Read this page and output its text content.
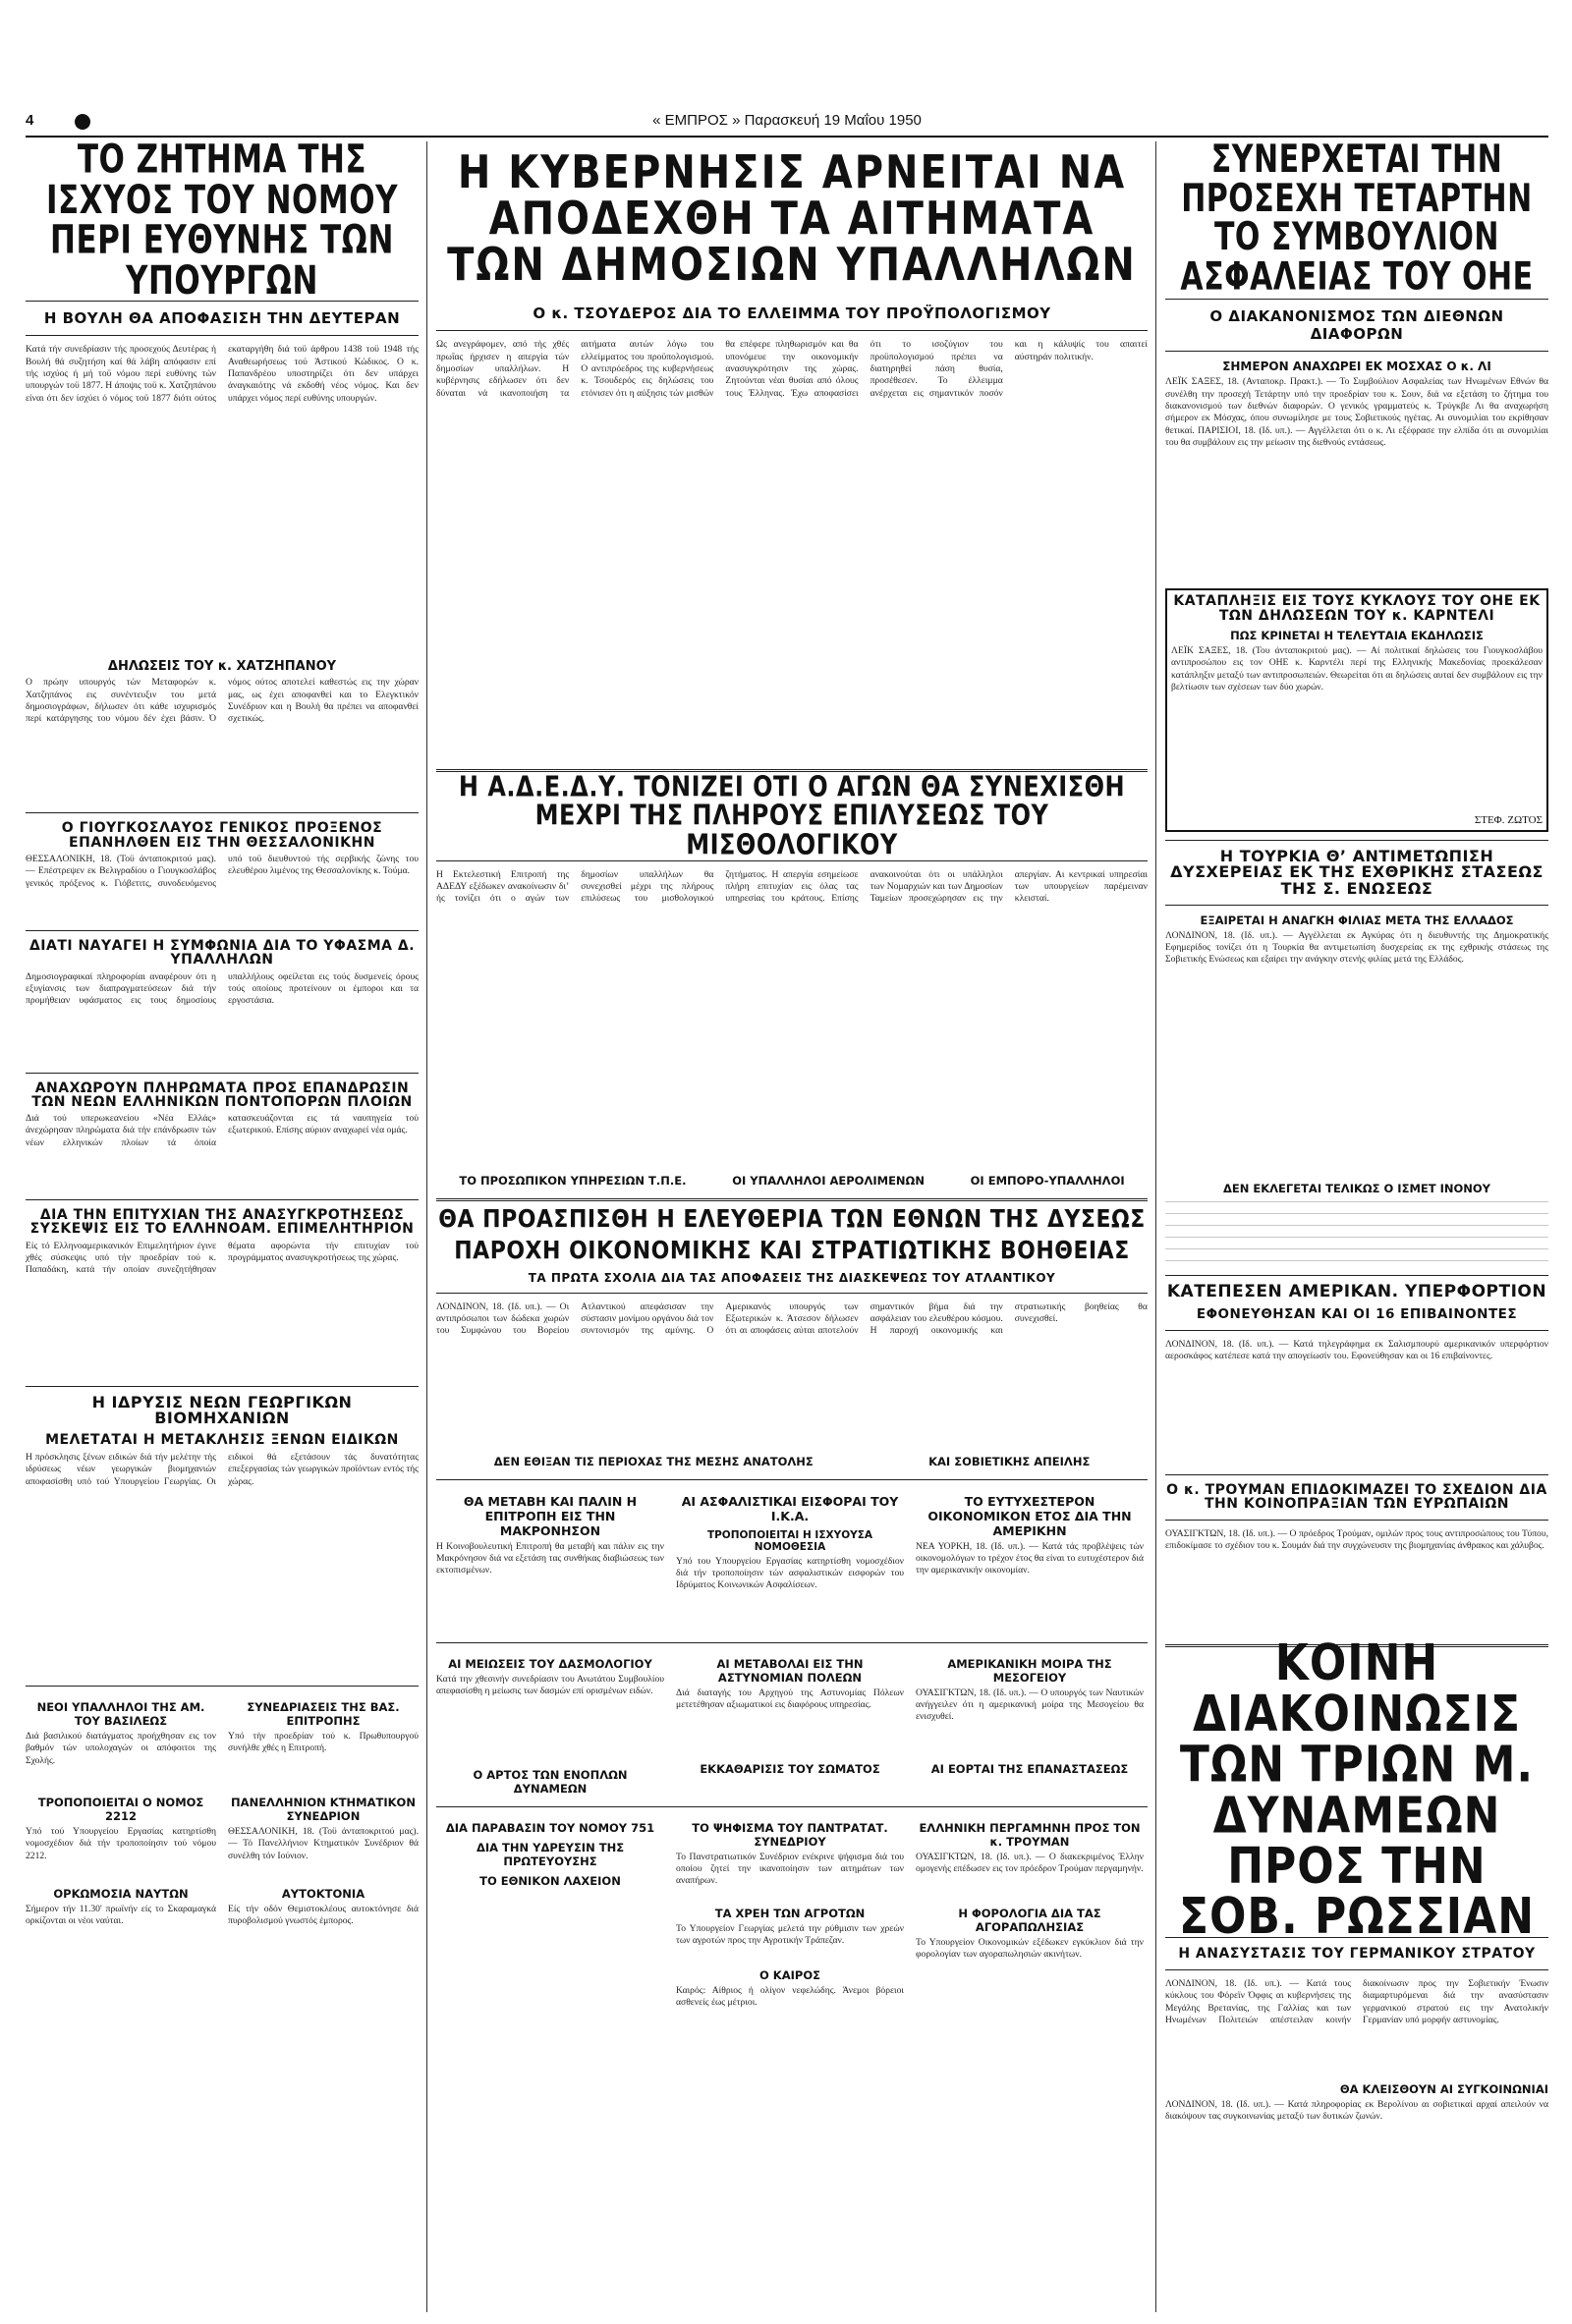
4	« ΕΜΠΡΟΣ » Παρασκευή 19 Μαΐου 1950
ΤΟ ΖΗΤΗΜΑ ΤΗΣ ΙΣΧΥΟΣ ΤΟΥ ΝΟΜΟΥ ΠΕΡΙ ΕΥΘΥΝΗΣ ΤΩΝ ΥΠΟΥΡΓΩΝ
Η ΒΟΥΛΗ ΘΑ ΑΠΟΦΑΣΙΣΗ ΤΗΝ ΔΕΥΤΕΡΑΝ

Κατά τήν συνεδρίασιν τής προσεχούς Δευτέρας ή Βουλή θά συζητήση καί θά λάβη απόφασιν επί τής ισχύος ή μή τοϋ νόμου περί ευθύνης τών υπουργών τοϋ 1877. Η άποψις τοϋ κ. Χατζηπάνου είναι ότι δεν ίσχύει ό νόμος τοϋ 1877 διότι ούτος εκαταργήθη διά τοϋ άρθρου 1438 τοϋ 1948 τής Αναθεωρήσεως τού Άστικού Κώδικος. Ο κ. Παπανδρέου υποστηρίζει ότι δεν υπάρχει άναγκαιότης νά εκδοθή νέος νόμος. Και δεν υπάρχει νόμος περί ευθύνης υπουργών.

ΔΗΛΩΣΕΙΣ ΤΟΥ κ. ΧΑΤΖΗΠΑΝΟΥ

Ο πρώην υπουργός τών Μεταφορών κ. Χατζηπάνος εις συνέντευξιν του μετά δημοσιογράφων, δήλωσεν ότι κάθε ισχυρισμός περί κατάργησης του νόμου δέν έχει βάσιν. Ό νόμος ούτος αποτελεί καθεστώς εις την χώραν μας, ως έχει αποφανθεί και το Ελεγκτικόν Συνέδριον και η Βουλή θα πρέπει να αποφανθεί σχετικώς.

Ο ΓΙΟΥΓΚΟΣΛΑΥΟΣ ΓΕΝΙΚΟΣ ΠΡΟΞΕΝΟΣ ΕΠΑΝΗΛΘΕΝ ΕΙΣ ΤΗΝ ΘΕΣΣΑΛΟΝΙΚΗΝ

ΘΕΣΣΑΛΟΝΙΚΗ, 18. (Τοϋ άνταποκριτού μας). — Επέστρεψεν εκ Βελιγραδίου ο Γιουγκοσλάβος γενικός πρόξενος κ. Γιόβετιτς, συνοδευόμενος υπό τοϋ διευθυντού τής σερβικής ζώνης του ελευθέρου λιμένος της Θεσσαλονίκης κ. Τούμα.

ΔΙΑΤΙ ΝΑΥΑΓΕΙ Η ΣΥΜΦΩΝΙΑ ΔΙΑ ΤΟ ΥΦΑΣΜΑ Δ. ΥΠΑΛΛΗΛΩΝ

Δημοσιογραφικαί πληροφορίαι αναφέρουν ότι η εξυγίανσις των διαπραγματεύσεων διά τήν προμήθειαν υφάσματος εις τους δημοσίους υπαλλήλους οφείλεται εις τούς δυσμενείς όρους τούς οποίους προτείνουν οι έμποροι και τα εργοστάσια.

ΑΝΑΧΩΡΟΥΝ ΠΛΗΡΩΜΑΤΑ ΠΡΟΣ ΕΠΑΝΔΡΩΣΙΝ ΤΩΝ ΝΕΩΝ ΕΛΛΗΝΙΚΩΝ ΠΟΝΤΟΠΟΡΩΝ ΠΛΟΙΩΝ

Διά τού υπερωκεανείου «Νέα Ελλάς» άνεχώρησαν πληρώματα διά τήν επάνδρωσιν τών νέων ελληνικών πλοίων τά όποία κατασκευάζονται εις τά ναυπηγεία τού εξωτερικού. Επίσης αύριον αναχωρεί νέα ομάς.

ΔΙΑ ΤΗΝ ΕΠΙΤΥΧΙΑΝ ΤΗΣ ΑΝΑΣΥΓΚΡΟΤΗΣΕΩΣ ΣΥΣΚΕΨΙΣ ΕΙΣ ΤΟ ΕΛΛΗΝΟΑΜ. ΕΠΙΜΕΛΗΤΗΡΙΟΝ

Είς τό Ελληνοαμερικανικόν Επιμελητήριον έγινε χθές σύσκεψις υπό τήν προεδρίαν τού κ. Παπαδάκη, κατά τήν οποίαν συνεζητήθησαν θέματα αφορώντα τήν επιτυχίαν τού προγράμματος ανασυγκροτήσεως της χώρας.

Η ΙΔΡΥΣΙΣ ΝΕΩΝ ΓΕΩΡΓΙΚΩΝ ΒΙΟΜΗΧΑΝΙΩΝ
ΜΕΛΕΤΑΤΑΙ Η ΜΕΤΑΚΛΗΣΙΣ ΞΕΝΩΝ ΕΙΔΙΚΩΝ

Η πρόσκλησις ξένων ειδικών διά τήν μελέτην τής ιδρύσεως νέων γεωργικών βιομηχανιών αποφασίσθη υπό τού Υπουργείου Γεωργίας. Οι ειδικοί θά εξετάσουν τάς δυνατότητας επεξεργασίας τών γεωργικών προϊόντων εντός τής χώρας.

ΝΕΟΙ ΥΠΑΛΛΗΛΟΙ ΤΗΣ ΑΜ. ΤΟΥ ΒΑΣΙΛΕΩΣ

Διά βασιλικού διατάγματος προήχθησαν εις τον βαθμόν τών υπολοχαγών οι απόφοιτοι της Σχολής.

ΤΡΟΠΟΠΟΙΕΙΤΑΙ Ο ΝΟΜΟΣ 2212

Υπό τού Υπουργείου Εργασίας κατηρτίσθη νομοσχέδιον διά τήν τροποποίησιν τού νόμου 2212.

ΣΥΝΕΔΡΙΑΣΕΙΣ ΤΗΣ ΒΑΣ. ΕΠΙΤΡΟΠΗΣ

Υπό τήν προεδρίαν τού κ. Πρωθυπουργού συνήλθε χθές η Επιτροπή.

ΠΑΝΕΛΛΗΝΙΟΝ ΚΤΗΜΑΤΙΚΟΝ ΣΥΝΕΔΡΙΟΝ

ΘΕΣΣΑΛΟΝΙΚΗ, 18. (Τοϋ άνταποκριτού μας). — Τό Πανελλήνιον Κτηματικόν Συνέδριον θά συνέλθη τόν Ιούνιον.

ΟΡΚΩΜΟΣΙΑ ΝΑΥΤΩΝ

Σήμερον τήν 11.30' πρωϊνήν είς το Σκαραμαγκά ορκίζονται οι νέοι ναύται.

ΑΥΤΟΚΤΟΝΙΑ

Είς τήν οδόν Θεμιστοκλέους αυτοκτόνησε διά πυροβολισμού γνωστός έμπορος.

Η ΚΥΒΕΡΝΗΣΙΣ ΑΡΝΕΙΤΑΙ ΝΑ ΑΠΟΔΕΧΘΗ ΤΑ ΑΙΤΗΜΑΤΑ ΤΩΝ ΔΗΜΟΣΙΩΝ ΥΠΑΛΛΗΛΩΝ
Ο κ. ΤΣΟΥΔΕΡΟΣ ΔΙΑ ΤΟ ΕΛΛΕΙΜΜΑ ΤΟΥ ΠΡΟΫΠΟΛΟΓΙΣΜΟΥ

Ως ανεγράφομεν, από τής χθές πρωΐας ήρχισεν η απεργία τών δημοσίων υπαλλήλων. Η κυβέρνησις εδήλωσεν ότι δεν δύναται νά ικανοποιήση τα αιτήματα αυτών λόγω του ελλείμματος του προϋπολογισμού. Ο αντιπρόεδρος της κυβερνήσεως κ. Τσουδερός εις δηλώσεις του ετόνισεν ότι η αύξησις τών μισθών θα επέφερε πληθωρισμόν και θα υπονόμευε την οικονομικήν ανασυγκρότησιν της χώρας. Ζητούνται νέαι θυσίαι από όλους τους Έλληνας. Έχω αποφασίσει ότι το ισοζύγιον του προϋπολογισμού πρέπει να διατηρηθεί πάση θυσία, προσέθεσεν. Το έλλειμμα ανέρχεται εις σημαντικόν ποσόν και η κάλυψίς του απαιτεί αύστηράν πολιτικήν.

Η Α.Δ.Ε.Δ.Υ. ΤΟΝΙΖΕΙ ΟΤΙ Ο ΑΓΩΝ ΘΑ ΣΥΝΕΧΙΣΘΗ ΜΕΧΡΙ ΤΗΣ ΠΛΗΡΟΥΣ ΕΠΙΛΥΣΕΩΣ ΤΟΥ ΜΙΣΘΟΛΟΓΙΚΟΥ

Η Εκτελεστική Επιτροπή της ΑΔΕΔΥ εξέδωκεν ανακοίνωσιν δι’ ής τονίζει ότι ο αγών των δημοσίων υπαλλήλων θα συνεχισθεί μέχρι της πλήρους επιλύσεως του μισθολογικού ζητήματος. Η απεργία εσημείωσε πλήρη επιτυχίαν εις όλας τας υπηρεσίας του κράτους. Επίσης ανακοινούται ότι οι υπάλληλοι των Νομαρχιών και των Δημοσίων Ταμείων προσεχώρησαν εις την απεργίαν. Αι κεντρικαί υπηρεσίαι των υπουργείων παρέμειναν κλεισταί.

ΤΟ ΠΡΟΣΩΠΙΚΟΝ ΥΠΗΡΕΣΙΩΝ Τ.Π.Ε.	ΟΙ ΥΠΑΛΛΗΛΟΙ ΑΕΡΟΛΙΜΕΝΩΝ	ΟΙ ΕΜΠΟΡΟ-ΥΠΑΛΛΗΛΟΙ
ΘΑ ΠΡΟΑΣΠΙΣΘΗ Η ΕΛΕΥΘΕΡΙΑ ΤΩΝ ΕΘΝΩΝ ΤΗΣ ΔΥΣΕΩΣ
ΠΑΡΟΧΗ ΟΙΚΟΝΟΜΙΚΗΣ ΚΑΙ ΣΤΡΑΤΙΩΤΙΚΗΣ ΒΟΗΘΕΙΑΣ
ΤΑ ΠΡΩΤΑ ΣΧΟΛΙΑ ΔΙΑ ΤΑΣ ΑΠΟΦΑΣΕΙΣ ΤΗΣ ΔΙΑΣΚΕΨΕΩΣ ΤΟΥ ΑΤΛΑΝΤΙΚΟΥ

ΛΟΝΔΙΝΟΝ, 18. (Ιδ. υπ.). — Οι αντιπρόσωποι των δώδεκα χωρών του Συμφώνου του Βορείου Ατλαντικού απεφάσισαν την σύστασιν μονίμου οργάνου διά τον συντονισμόν της αμύνης. Ο Αμερικανός υπουργός των Εξωτερικών κ. Άτσεσον δήλωσεν ότι αι αποφάσεις αύται αποτελούν σημαντικόν βήμα διά την ασφάλειαν του ελευθέρου κόσμου. Η παροχή οικονομικής και στρατιωτικής βοηθείας θα συνεχισθεί.

ΔΕΝ ΕΘΙΞΑΝ ΤΙΣ ΠΕΡΙΟΧΑΣ ΤΗΣ ΜΕΣΗΣ ΑΝΑΤΟΛΗΣ	ΚΑΙ ΣΟΒΙΕΤΙΚΗΣ ΑΠΕΙΛΗΣ
ΘΑ ΜΕΤΑΒΗ ΚΑΙ ΠΑΛΙΝ Η ΕΠΙΤΡΟΠΗ ΕΙΣ ΤΗΝ ΜΑΚΡΟΝΗΣΟΝ

Η Κοινοβουλευτική Επιτροπή θα μεταβή και πάλιν εις την Μακρόνησον διά να εξετάση τας συνθήκας διαβιώσεως των εκτοπισμένων.

ΑΙ ΑΣΦΑΛΙΣΤΙΚΑΙ ΕΙΣΦΟΡΑΙ ΤΟΥ Ι.Κ.Α.
ΤΡΟΠΟΠΟΙΕΙΤΑΙ Η ΙΣΧΥΟΥΣΑ ΝΟΜΟΘΕΣΙΑ

Υπό του Υπουργείου Εργασίας κατηρτίσθη νομοσχέδιον διά τήν τροποποίησιν τών ασφαλιστικών εισφορών του Ιδρύματος Κοινωνικών Ασφαλίσεων.

ΤΟ ΕΥΤΥΧΕΣΤΕΡΟΝ ΟΙΚΟΝΟΜΙΚΟΝ ΕΤΟΣ ΔΙΑ ΤΗΝ ΑΜΕΡΙΚΗΝ

ΝΕΑ ΥΟΡΚΗ, 18. (Ιδ. υπ.). — Κατά τάς προβλέψεις τών οικονομολόγων το τρέχον έτος θα είναι το ευτυχέστερον διά την αμερικανικήν οικονομίαν.

ΑΙ ΜΕΙΩΣΕΙΣ ΤΟΥ ΔΑΣΜΟΛΟΓΙΟΥ

Κατά την χθεσινήν συνεδρίασιν του Ανωτάτου Συμβουλίου απεφασίσθη η μείωσις των δασμών επί ορισμένων ειδών.

Ο ΑΡΤΟΣ ΤΩΝ ΕΝΟΠΛΩΝ ΔΥΝΑΜΕΩΝ
ΑΙ ΜΕΤΑΒΟΛΑΙ ΕΙΣ ΤΗΝ ΑΣΤΥΝΟΜΙΑΝ ΠΟΛΕΩΝ

Διά διαταγής του Αρχηγού της Αστυνομίας Πόλεων μετετέθησαν αξιωματικοί εις διαφόρους υπηρεσίας.

ΕΚΚΑΘΑΡΙΣΙΣ ΤΟΥ ΣΩΜΑΤΟΣ
ΑΜΕΡΙΚΑΝΙΚΗ ΜΟΙΡΑ ΤΗΣ ΜΕΣΟΓΕΙΟΥ

ΟΥΑΣΙΓΚΤΩΝ, 18. (Ιδ. υπ.). — Ο υπουργός των Ναυτικών ανήγγειλεν ότι η αμερικανική μοίρα της Μεσογείου θα ενισχυθεί.

ΑΙ ΕΟΡΤΑΙ ΤΗΣ ΕΠΑΝΑΣΤΑΣΕΩΣ
ΔΙΑ ΠΑΡΑΒΑΣΙΝ ΤΟΥ ΝΟΜΟΥ 751
ΔΙΑ ΤΗΝ ΥΔΡΕΥΣΙΝ ΤΗΣ ΠΡΩΤΕΥΟΥΣΗΣ
ΤΟ ΕΘΝΙΚΟΝ ΛΑΧΕΙΟΝ
ΤΟ ΨΗΦΙΣΜΑ ΤΟΥ ΠΑΝΤΡΑΤΑΤ. ΣΥΝΕΔΡΙΟΥ

Το Πανστρατιωτικόν Συνέδριον ενέκρινε ψήφισμα διά του οποίου ζητεί την ικανοποίησιν των αιτημάτων των αναπήρων.

ΤΑ ΧΡΕΗ ΤΩΝ ΑΓΡΟΤΩΝ

Το Υπουργείον Γεωργίας μελετά την ρύθμισιν των χρεών των αγροτών προς την Αγροτικήν Τράπεζαν.

Ο ΚΑΙΡΟΣ

Καιρός: Αίθριος ή ολίγον νεφελώδης. Άνεμοι βόρειοι ασθενείς έως μέτριοι.

ΕΛΛΗΝΙΚΗ ΠΕΡΓΑΜΗΝΗ ΠΡΟΣ ΤΟΝ κ. ΤΡΟΥΜΑΝ

ΟΥΑΣΙΓΚΤΩΝ, 18. (Ιδ. υπ.). — Ο διακεκριμένος Έλλην ομογενής επέδωσεν εις τον πρόεδρον Τρούμαν περγαμηνήν.

Η ΦΟΡΟΛΟΓΙΑ ΔΙΑ ΤΑΣ ΑΓΟΡΑΠΩΛΗΣΙΑΣ

Το Υπουργείον Οικονομικών εξέδωκεν εγκύκλιον διά την φορολογίαν των αγοραπωλησιών ακινήτων.

ΣΥΝΕΡΧΕΤΑΙ ΤΗΝ ΠΡΟΣΕΧΗ ΤΕΤΑΡΤΗΝ ΤΟ ΣΥΜΒΟΥΛΙΟΝ ΑΣΦΑΛΕΙΑΣ ΤΟΥ ΟΗΕ
Ο ΔΙΑΚΑΝΟΝΙΣΜΟΣ ΤΩΝ ΔΙΕΘΝΩΝ ΔΙΑΦΟΡΩΝ
ΣΗΜΕΡΟΝ ΑΝΑΧΩΡΕΙ ΕΚ ΜΟΣΧΑΣ Ο κ. ΛΙ

ΛΕΪΚ ΣΑΞΕΣ, 18. (Ανταποκρ. Πρακτ.). — Το Συμβούλιον Ασφαλείας των Ηνωμένων Εθνών θα συνέλθη την προσεχή Τετάρτην υπό την προεδρίαν του κ. Σουν, διά να εξετάση το ζήτημα του διακανονισμού των διεθνών διαφορών. Ο γενικός γραμματεύς κ. Τρύγκβε Λι θα αναχωρήση σήμερον εκ Μόσχας, όπου συνωμίλησε με τους Σοβιετικούς ηγέτας. Αι συνομιλίαι του εκρίθησαν θετικαί. ΠΑΡΙΣΙΟΙ, 18. (Ιδ. υπ.). — Αγγέλλεται ότι ο κ. Λι εξέφρασε την ελπίδα ότι αι συνομιλίαι του θα συμβάλουν εις την μείωσιν της διεθνούς εντάσεως.

ΚΑΤΑΠΛΗΞΙΣ ΕΙΣ ΤΟΥΣ ΚΥΚΛΟΥΣ ΤΟΥ ΟΗΕ ΕΚ ΤΩΝ ΔΗΛΩΣΕΩΝ ΤΟΥ κ. ΚΑΡΝΤΕΛΙ
ΠΩΣ ΚΡΙΝΕΤΑΙ Η ΤΕΛΕΥΤΑΙΑ ΕΚΔΗΛΩΣΙΣ

ΛΕΪΚ ΣΑΞΕΣ, 18. (Του άνταποκριτού μας). — Αί πολιτικαί δηλώσεις του Γιουγκοσλάβου αντιπροσώπου εις τον ΟΗΕ κ. Καρντέλι περί της Ελληνικής Μακεδονίας προεκάλεσαν κατάπληξιν μεταξύ των αντιπροσωπειών. Θεωρείται ότι αι δηλώσεις αυταί δεν συμβάλουν εις την βελτίωσιν των σχέσεων των δύο χωρών.

ΣΤΕΦ. ΖΩΤΟΣ
Η ΤΟΥΡΚΙΑ Θ’ ΑΝΤΙΜΕΤΩΠΙΣΗ ΔΥΣΧΕΡΕΙΑΣ ΕΚ ΤΗΣ ΕΧΘΡΙΚΗΣ ΣΤΑΣΕΩΣ ΤΗΣ Σ. ΕΝΩΣΕΩΣ
ΕΞΑΙΡΕΤΑΙ Η ΑΝΑΓΚΗ ΦΙΛΙΑΣ ΜΕΤΑ ΤΗΣ ΕΛΛΑΔΟΣ

ΛΟΝΔΙΝΟΝ, 18. (Ιδ. υπ.). — Αγγέλλεται εκ Αγκύρας ότι η διευθυντής της Δημοκρατικής Εφημερίδος τονίζει ότι η Τουρκία θα αντιμετωπίση δυσχερείας εκ της εχθρικής στάσεως της Σοβιετικής Ενώσεως και εξαίρει την ανάγκην στενής φιλίας μετά της Ελλάδος.

ΔΕΝ ΕΚΛΕΓΕΤΑΙ ΤΕΛΙΚΩΣ Ο ΙΣΜΕΤ ΙΝΟΝΟΥ
ΚΑΤΕΠΕΣΕΝ ΑΜΕΡΙΚΑΝ. ΥΠΕΡΦΟΡΤΙΟΝ
ΕΦΟΝΕΥΘΗΣΑΝ ΚΑΙ ΟΙ 16 ΕΠΙΒΑΙΝΟΝΤΕΣ

ΛΟΝΔΙΝΟΝ, 18. (Ιδ. υπ.). — Κατά τηλεγράφημα εκ Σαλισμπουρύ αμερικανικόν υπερφόρτιον αεροσκάφος κατέπεσε κατά την απογείωσίν του. Εφονεύθησαν και οι 16 επιβαίνοντες.

Ο κ. ΤΡΟΥΜΑΝ ΕΠΙΔΟΚΙΜΑΖΕΙ ΤΟ ΣΧΕΔΙΟΝ ΔΙΑ ΤΗΝ ΚΟΙΝΟΠΡΑΞΙΑΝ ΤΩΝ ΕΥΡΩΠΑΙΩΝ

ΟΥΑΣΙΓΚΤΩΝ, 18. (Ιδ. υπ.). — Ο πρόεδρος Τρούμαν, ομιλών προς τους αντιπροσώπους του Τύπου, επιδοκίμασε το σχέδιον του κ. Σουμάν διά την συγχώνευσιν της βιομηχανίας άνθρακος και χάλυβος.

ΚΟΙΝΗ ΔΙΑΚΟΙΝΩΣΙΣ ΤΩΝ ΤΡΙΩΝ Μ. ΔΥΝΑΜΕΩΝ ΠΡΟΣ ΤΗΝ ΣΟΒ. ΡΩΣΣΙΑΝ
Η ΑΝΑΣΥΣΤΑΣΙΣ ΤΟΥ ΓΕΡΜΑΝΙΚΟΥ ΣΤΡΑΤΟΥ

ΛΟΝΔΙΝΟΝ, 18. (Ιδ. υπ.). — Κατά τους κύκλους του Φόρεϊν Όφφις αι κυβερνήσεις της Μεγάλης Βρετανίας, της Γαλλίας και των Ηνωμένων Πολιτειών απέστειλαν κοινήν διακοίνωσιν προς την Σοβιετικήν Ένωσιν διαμαρτυρόμεναι διά την ανασύστασιν γερμανικού στρατού εις την Ανατολικήν Γερμανίαν υπό μορφήν αστυνομίας.

ΘΑ ΚΛΕΙΣΘΟΥΝ ΑΙ ΣΥΓΚΟΙΝΩΝΙΑΙ

ΛΟΝΔΙΝΟΝ, 18. (Ιδ. υπ.). — Κατά πληροφορίας εκ Βερολίνου αι σοβιετικαί αρχαί απειλούν να διακόψουν τας συγκοινωνίας μεταξύ των δυτικών ζωνών.
